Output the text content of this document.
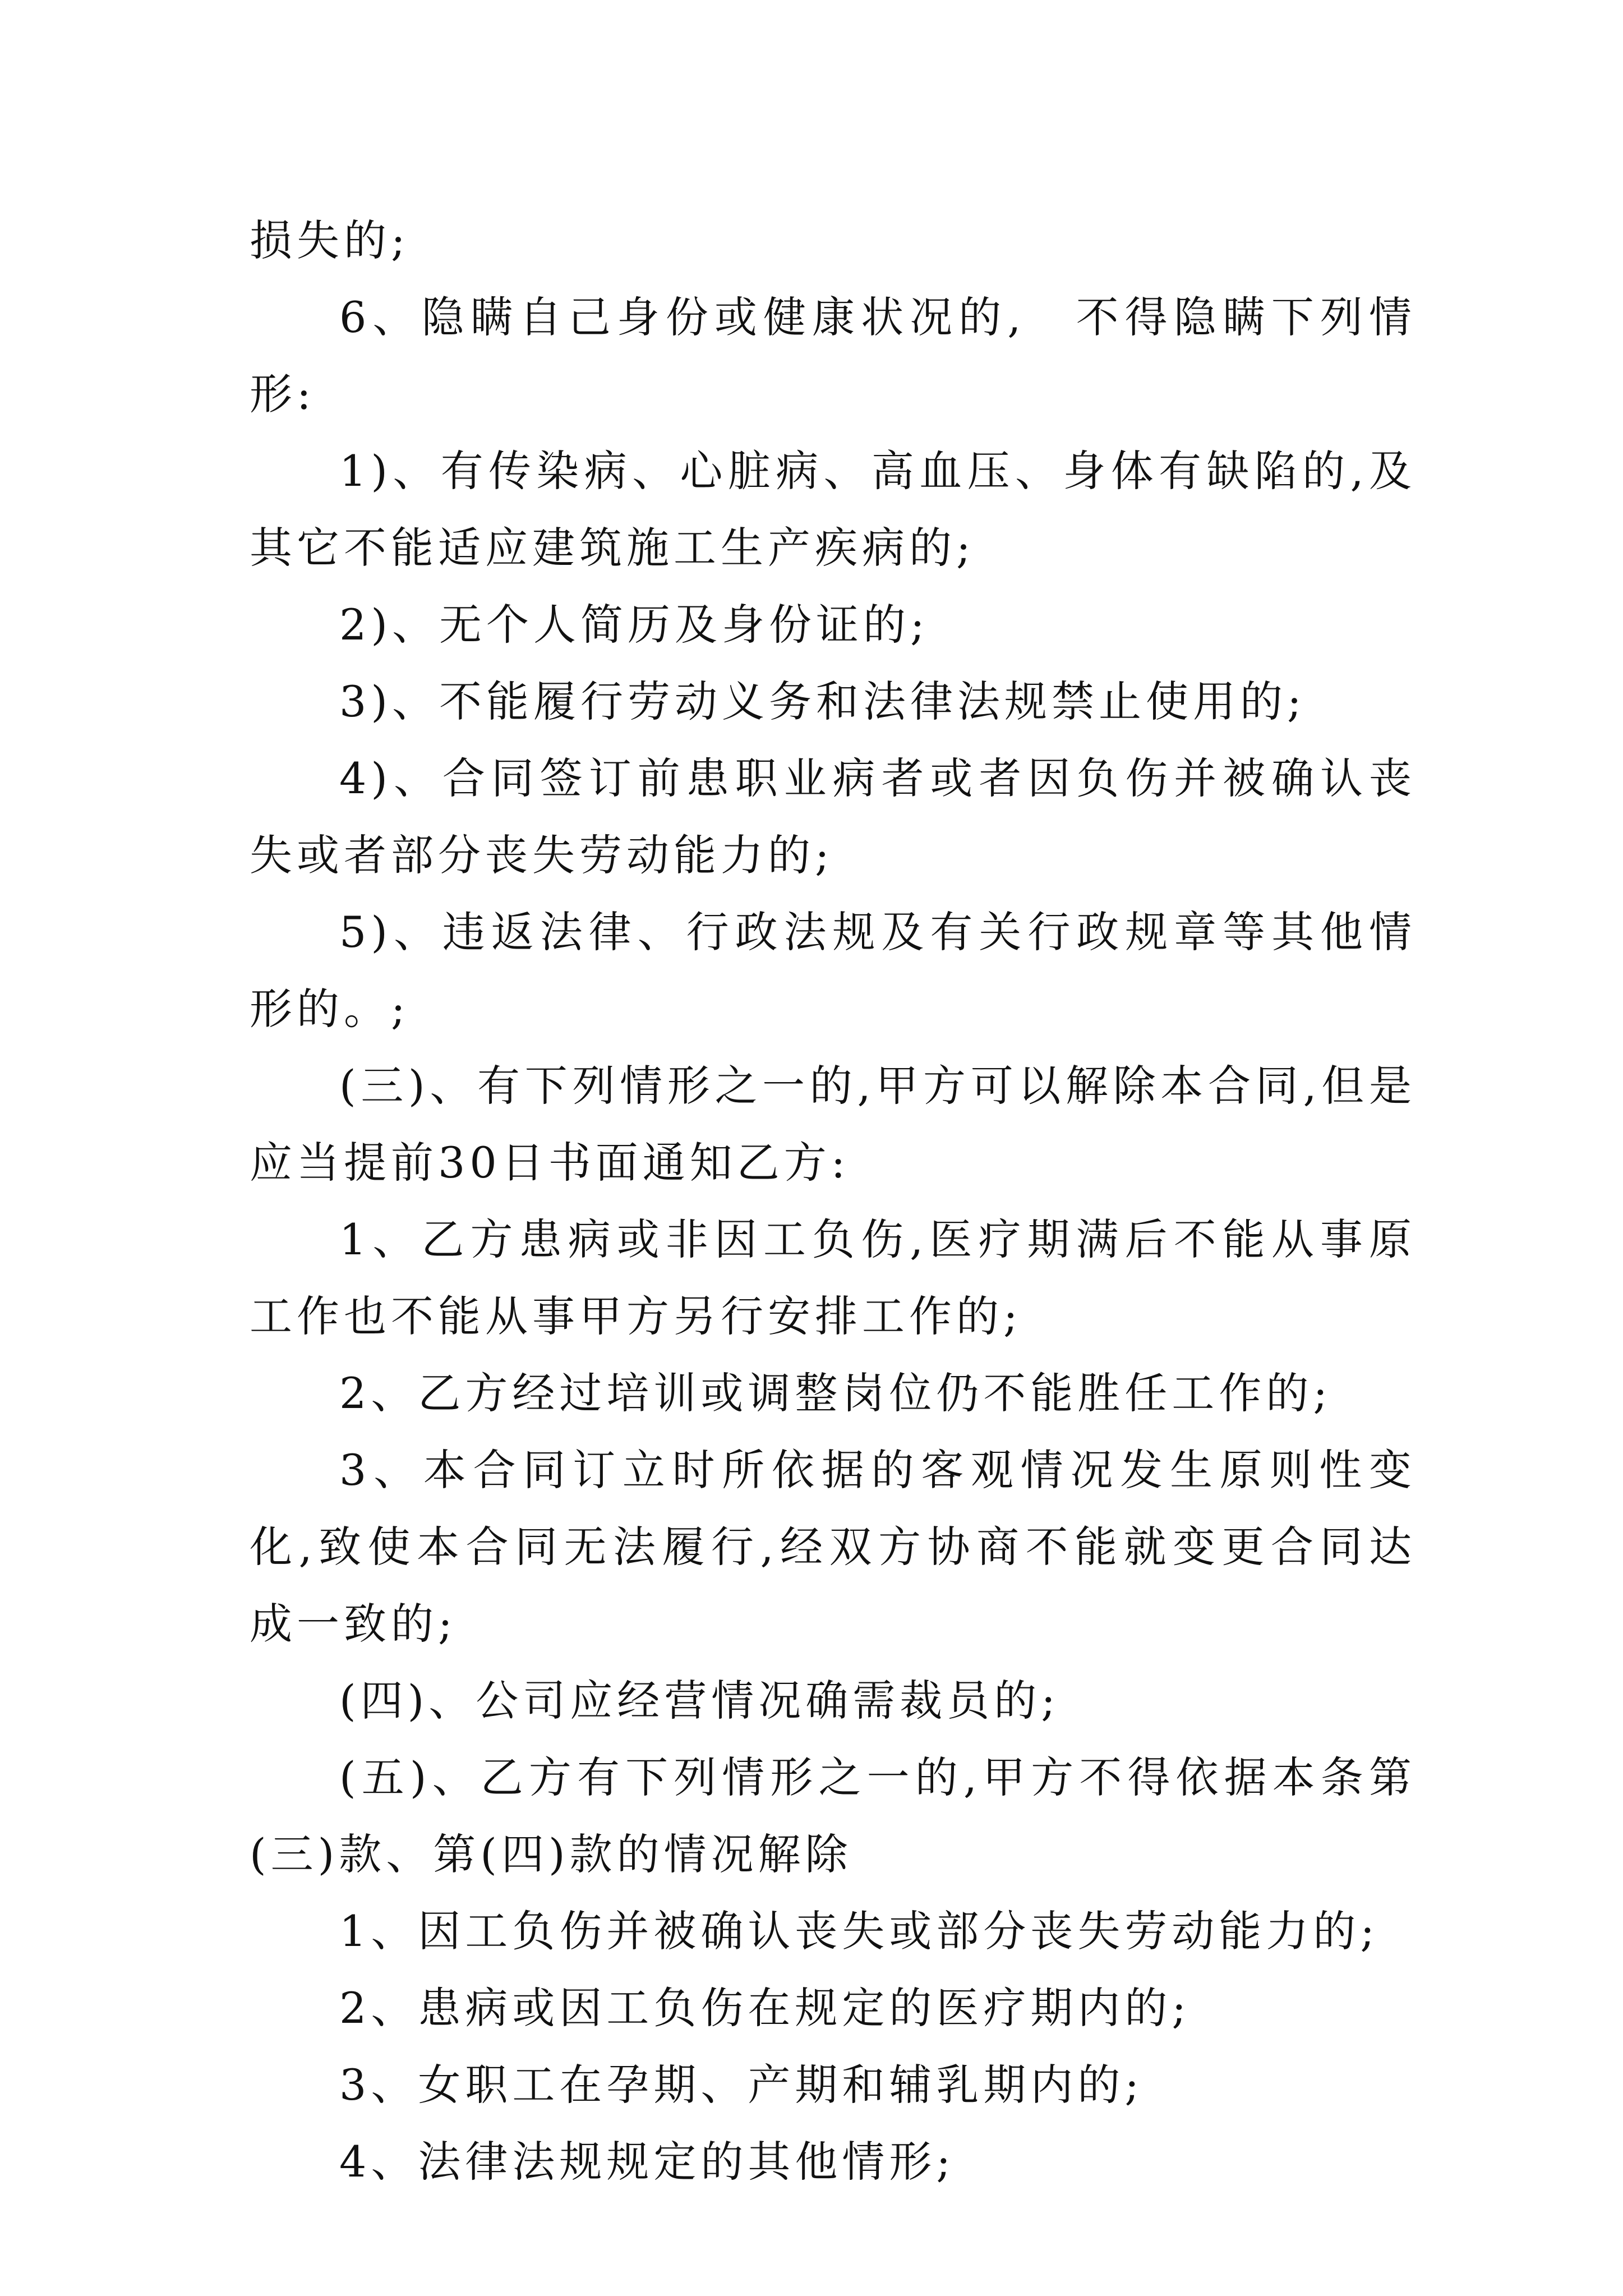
损失的;

6、隐瞒自己身份或健康状况的,　不得隐瞒下列情形:

1)、有传染病、心脏病、高血压、身体有缺陷的,及其它不能适应建筑施工生产疾病的;

2)、无个人简历及身份证的;

3)、不能履行劳动义务和法律法规禁止使用的;

4)、合同签订前患职业病者或者因负伤并被确认丧失或者部分丧失劳动能力的;

5)、违返法律、行政法规及有关行政规章等其他情形的。;

(三)、有下列情形之一的,甲方可以解除本合同,但是应当提前30日书面通知乙方:

1、乙方患病或非因工负伤,医疗期满后不能从事原工作也不能从事甲方另行安排工作的;

2、乙方经过培训或调整岗位仍不能胜任工作的;

3、本合同订立时所依据的客观情况发生原则性变化,致使本合同无法履行,经双方协商不能就变更合同达成一致的;

(四)、公司应经营情况确需裁员的;

(五)、乙方有下列情形之一的,甲方不得依据本条第(三)款、第(四)款的情况解除

1、因工负伤并被确认丧失或部分丧失劳动能力的;

2、患病或因工负伤在规定的医疗期内的;

3、女职工在孕期、产期和辅乳期内的;

4、法律法规规定的其他情形;
